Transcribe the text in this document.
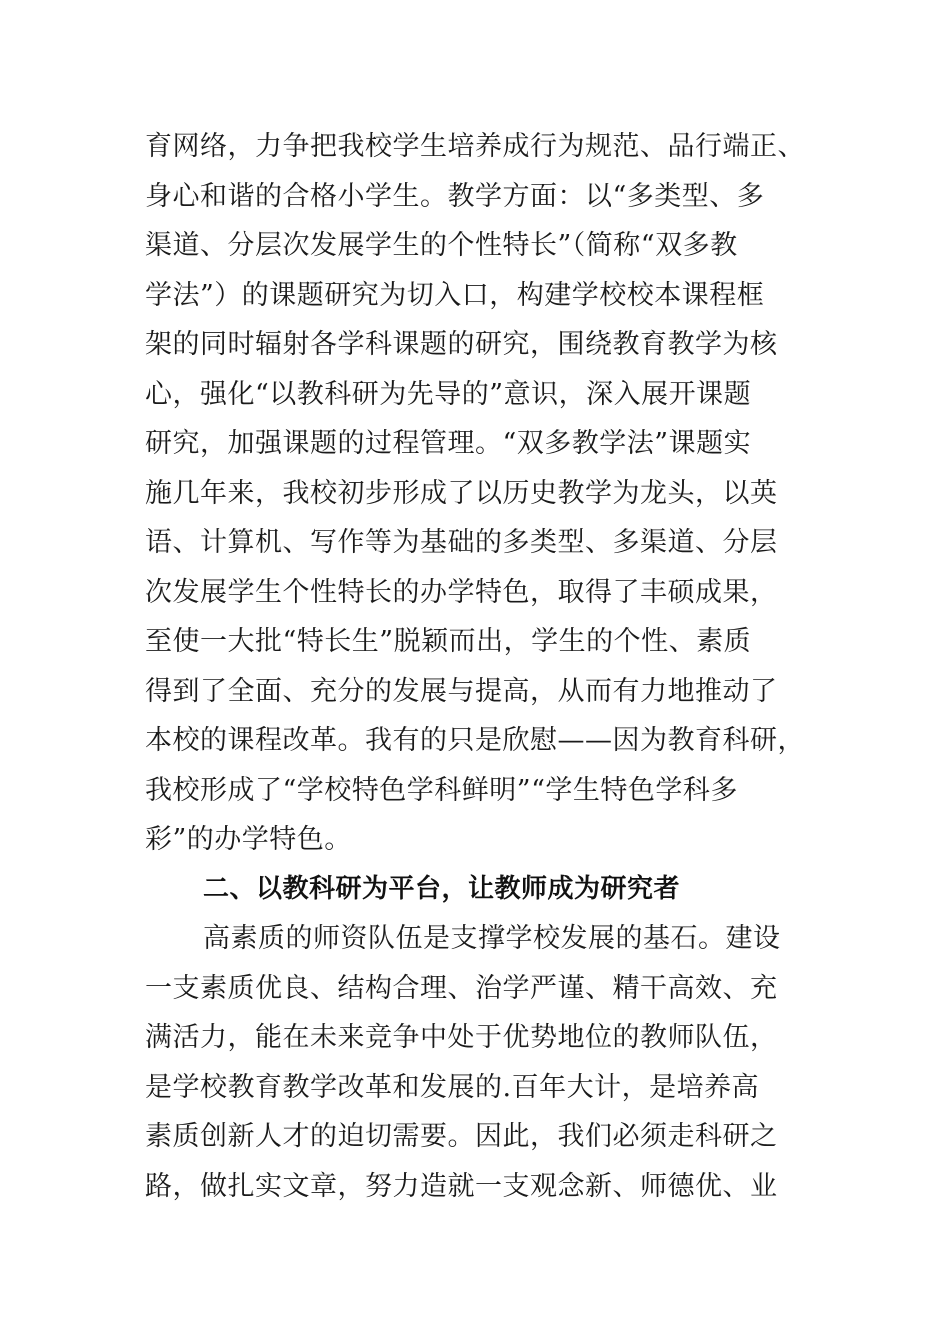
育网络，力争把我校学生培养成行为规范、品行端正、
身心和谐的合格小学生。教学方面：以“多类型、多
渠道、分层次发展学生的个性特长”（简称“双多教
学法”）的课题研究为切入口，构建学校校本课程框
架的同时辐射各学科课题的研究，围绕教育教学为核
心，强化“以教科研为先导的”意识，深入展开课题
研究，加强课题的过程管理。“双多教学法”课题实
施几年来，我校初步形成了以历史教学为龙头，以英
语、计算机、写作等为基础的多类型、多渠道、分层
次发展学生个性特长的办学特色，取得了丰硕成果，
至使一大批“特长生”脱颖而出，学生的个性、素质
得到了全面、充分的发展与提高，从而有力地推动了
本校的课程改革。我有的只是欣慰——因为教育科研，
我校形成了“学校特色学科鲜明”“学生特色学科多
彩”的办学特色。
二、以教科研为平台，让教师成为研究者
高素质的师资队伍是支撑学校发展的基石。建设
一支素质优良、结构合理、治学严谨、精干高效、充
满活力，能在未来竞争中处于优势地位的教师队伍，
是学校教育教学改革和发展的.百年大计，是培养高
素质创新人才的迫切需要。因此，我们必须走科研之
路，做扎实文章，努力造就一支观念新、师德优、业
